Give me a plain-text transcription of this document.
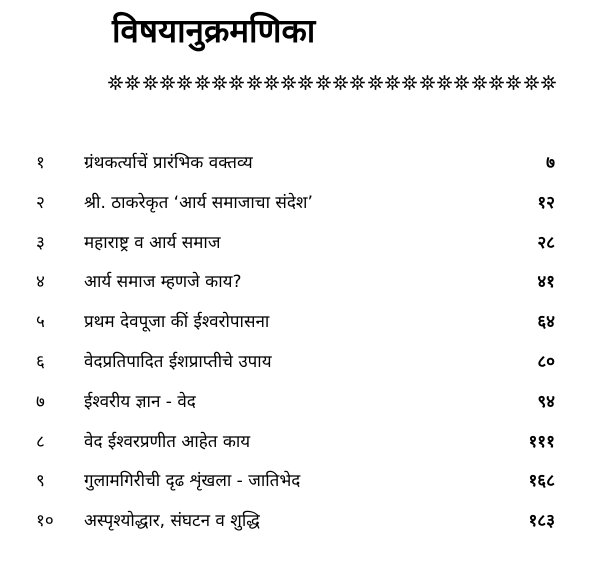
विषयानुक्रमणिका
१	ग्रंथकर्त्याचें प्रारंभिक वक्तव्य	७
२	श्री. ठाकरेकृत ‘आर्य समाजाचा संदेश’	१२
३	महाराष्ट्र व आर्य समाज	२८
४	आर्य समाज म्हणजे काय?	४१
५	प्रथम देवपूजा कीं ईश्वरोपासना	६४
६	वेदप्रतिपादित ईशप्राप्तीचे उपाय	८०
७	ईश्वरीय ज्ञान - वेद	९४
८	वेद ईश्वरप्रणीत आहेत काय	१११
९	गुलामगिरीची दृढ शृंखला - जातिभेद	१६८
१०	अस्पृश्योद्धार, संघटन व शुद्धि	१८३
